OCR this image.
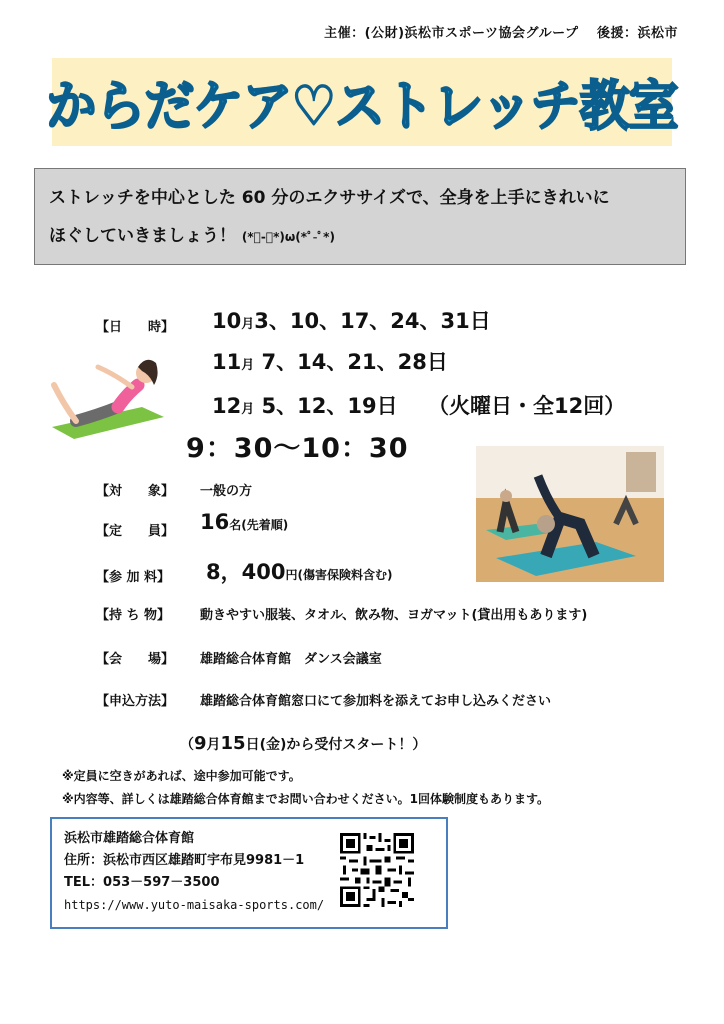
主催：(公財)浜松市スポーツ協会グループ　 後援：浜松市
からだケア♡ストレッチ教室
ストレッチを中心とした 60 分のエクササイズで、全身を上手にきれいに
ほぐしていきましょう！ (*ﾟ-ﾟ*)ω(*ﾟ-ﾟ*)
【日　　時】 10月3、10、17、24、31日
11月 7、14、21、28日
12月 5、12、19日 （火曜日・全12回）
9：30～10：30
【対　　象】 一般の方
【定　　員】 16名(先着順)
【参 加 料】 8，400円(傷害保険料含む)
【持 ち 物】 動きやすい服装、タオル、飲み物、ヨガマット(貸出用もあります)
【会　　場】 雄踏総合体育館　ダンス会議室
【申込方法】 雄踏総合体育館窓口にて参加料を添えてお申し込みください
（9月15日(金)から受付スタート！）
※定員に空きがあれば、途中参加可能です。
※内容等、詳しくは雄踏総合体育館までお問い合わせください。1回体験制度もあります。
浜松市雄踏総合体育館
住所：浜松市西区雄踏町宇布見9981－1
TEL：053－597－3500
https://www.yuto-maisaka-sports.com/
